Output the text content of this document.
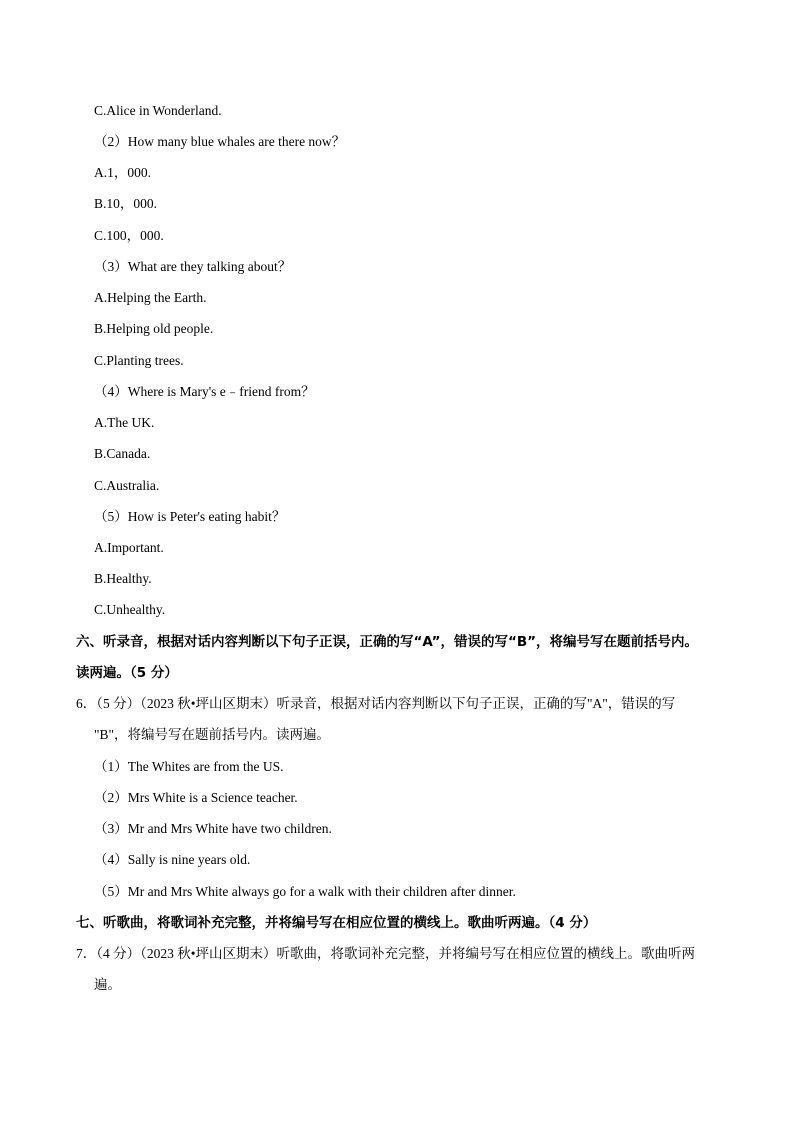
C.Alice in Wonderland.
（2）How many blue whales are there now？
A.1，000.
B.10，000.
C.100，000.
（3）What are they talking about？
A.Helping the Earth.
B.Helping old people.
C.Planting trees.
（4）Where is Mary's e﹣friend from？
A.The UK.
B.Canada.
C.Australia.
（5）How is Peter's eating habit？
A.Important.
B.Healthy.
C.Unhealthy.
六、听录音，根据对话内容判断以下句子正误，正确的写“A”，错误的写“B”，将编号写在题前括号内。
读两遍。（5 分）
6．（5 分）（2023 秋•坪山区期末）听录音，根据对话内容判断以下句子正误，正确的写"A"，错误的写
"B"，将编号写在题前括号内。读两遍。
（1）The Whites are from the US.
（2）Mrs White is a Science teacher.
（3）Mr and Mrs White have two children.
（4）Sally is nine years old.
（5）Mr and Mrs White always go for a walk with their children after dinner.
七、听歌曲，将歌词补充完整，并将编号写在相应位置的横线上。歌曲听两遍。（4 分）
7．（4 分）（2023 秋•坪山区期末）听歌曲，将歌词补充完整，并将编号写在相应位置的横线上。歌曲听两
遍。
